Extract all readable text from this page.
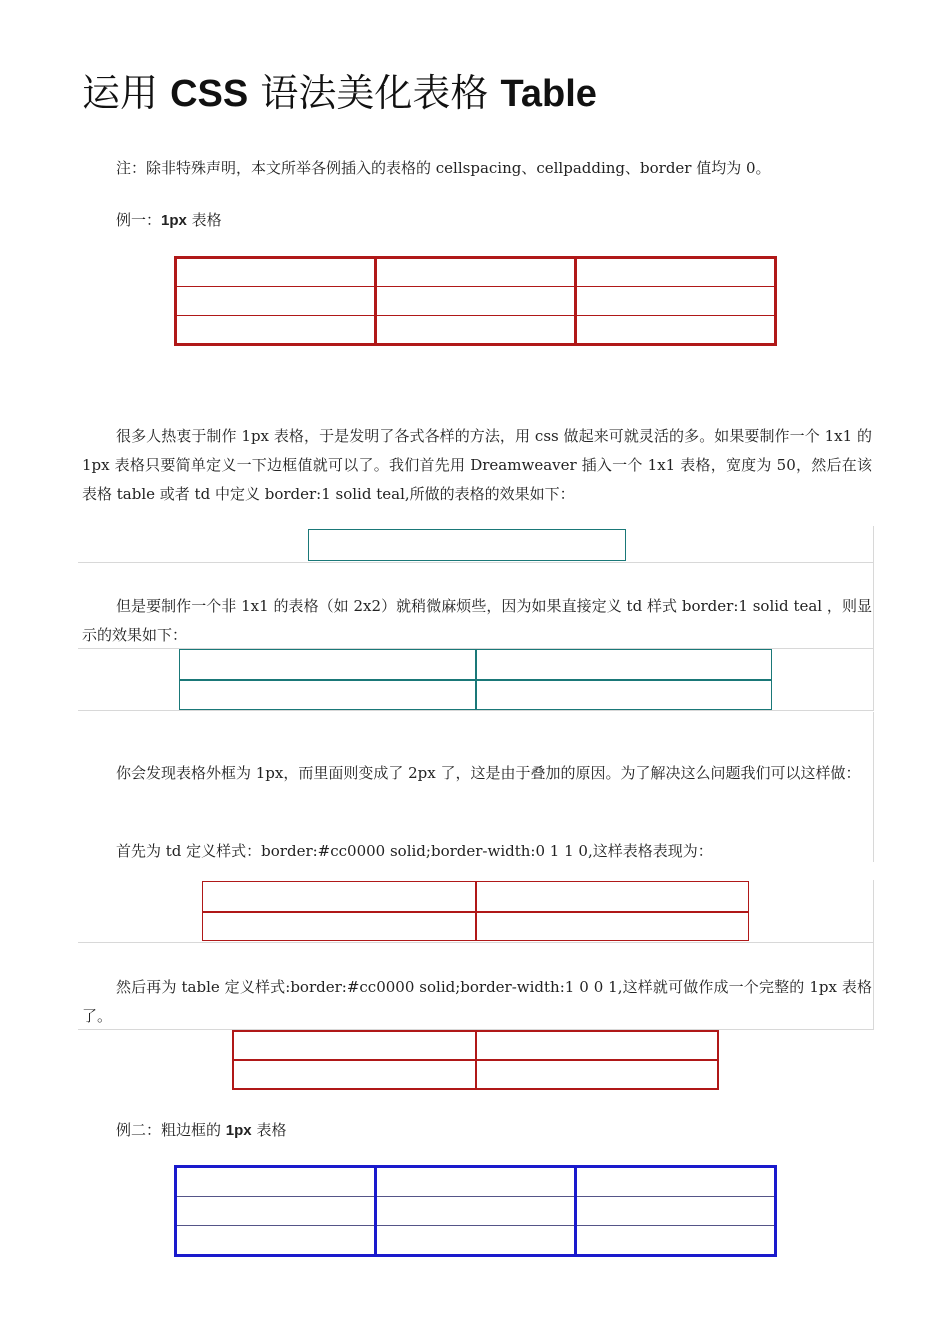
运用 CSS 语法美化表格 Table
注：除非特殊声明，本文所举各例插入的表格的 cellspacing、cellpadding、border 值均为 0。
例一：1px 表格

很多人热衷于制作 1px 表格，于是发明了各式各样的方法，用 css 做起来可就灵活的多。如果要制作一个 1x1 的 1px 表格只要简单定义一下边框值就可以了。我们首先用 Dreamweaver 插入一个 1x1 表格，宽度为 50，然后在该表格 table 或者 td 中定义 border:1 solid teal,所做的表格的效果如下：
但是要制作一个非 1x1 的表格（如 2x2）就稍微麻烦些，因为如果直接定义 td 样式 border:1 solid teal ，则显示的效果如下：

你会发现表格外框为 1px，而里面则变成了 2px 了，这是由于叠加的原因。为了解决这么问题我们可以这样做：
首先为 td 定义样式：border:#cc0000 solid;border-width:0 1 1 0,这样表格表现为：

然后再为 table 定义样式:border:#cc0000 solid;border-width:1 0 0 1,这样就可做作成一个完整的 1px 表格了。

例二：粗边框的 1px 表格
